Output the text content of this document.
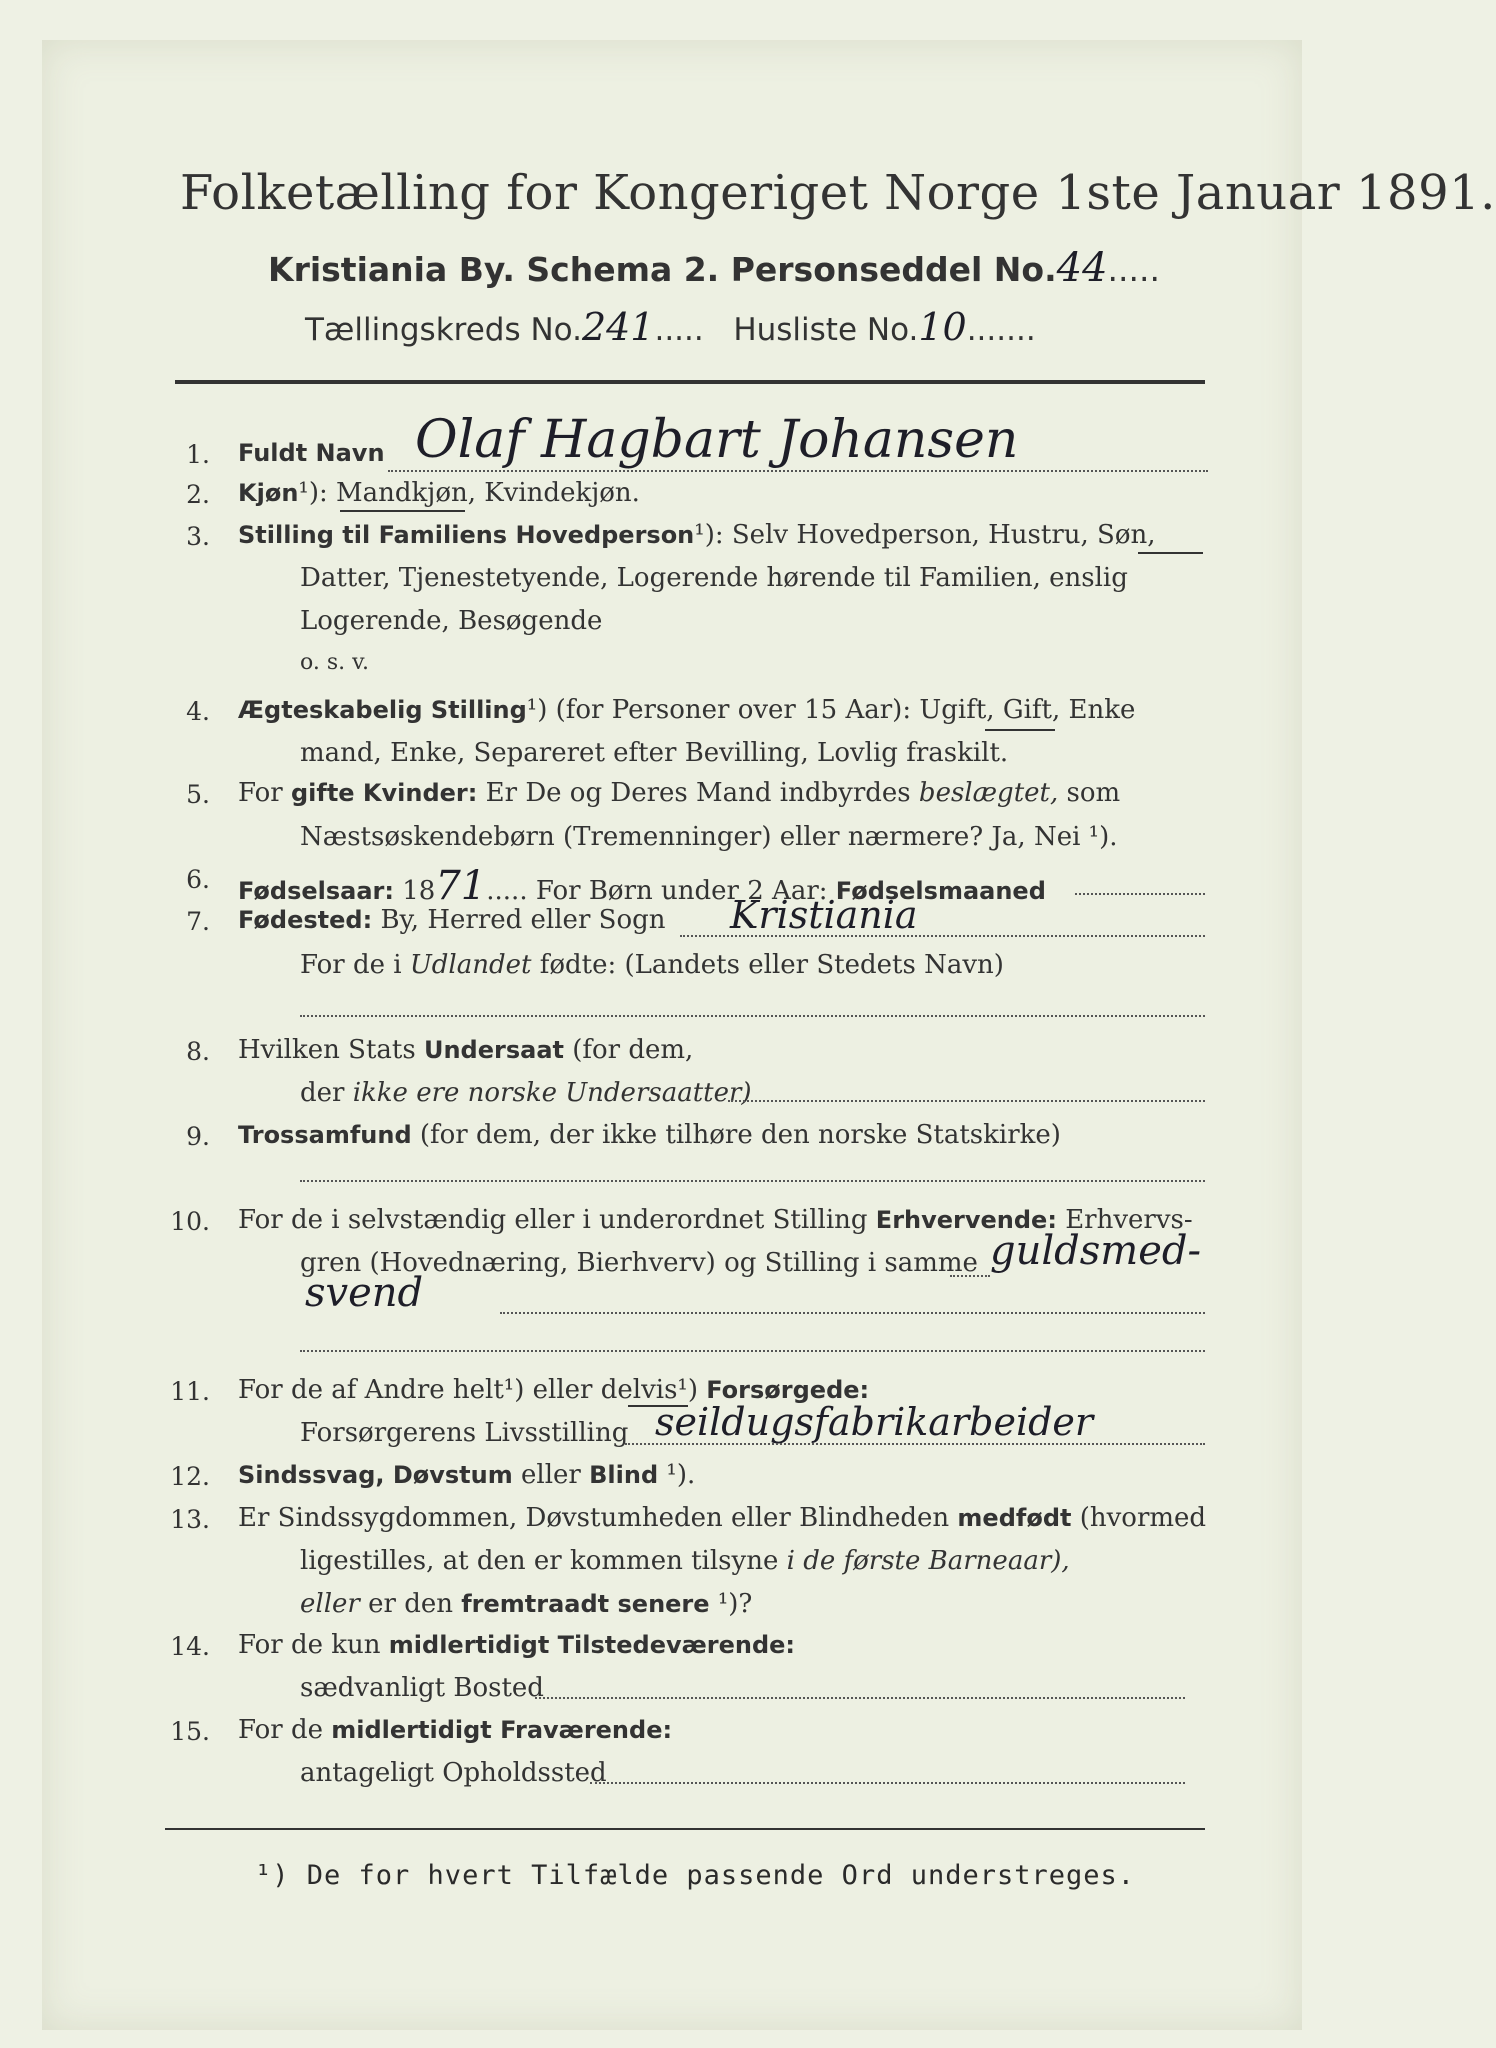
Folketælling for Kongeriget Norge 1ste Januar 1891.
Kristiania By. Schema 2. Personseddel No.44.....
Tællingskreds No.241.....   Husliste No.10.......
1. Fuldt Navn Olaf Hagbart Johansen
2. Kjøn¹): Mandkjøn, Kvindekjøn.
3. Stilling til Familiens Hovedperson¹): Selv Hovedperson, Hustru, Søn,
Datter, Tjenestetyende, Logerende hørende til Familien, enslig
Logerende, Besøgende
o. s. v.
4. Ægteskabelig Stilling¹) (for Personer over 15 Aar): Ugift, Gift, Enke
mand, Enke, Separeret efter Bevilling, Lovlig fraskilt.
5. For gifte Kvinder: Er De og Deres Mand indbyrdes beslægtet, som
Næstsøskendebørn (Tremenninger) eller nærmere? Ja, Nei ¹).
6. Fødselsaar: 1871..... For Børn under 2 Aar: Fødselsmaaned
7. Fødested: By, Herred eller Sogn Kristiania
For de i Udlandet fødte: (Landets eller Stedets Navn)
8. Hvilken Stats Undersaat (for dem,
der ikke ere norske Undersaatter)
9. Trossamfund (for dem, der ikke tilhøre den norske Statskirke)
10. For de i selvstændig eller i underordnet Stilling Erhvervende: Erhvervs-
gren (Hovednæring, Bierhverv) og Stilling i samme guldsmed-
svend
11. For de af Andre helt¹) eller delvis¹) Forsørgede:
Forsørgerens Livsstilling seildugsfabrikarbeider
12. Sindssvag, Døvstum eller Blind ¹).
13. Er Sindssygdommen, Døvstumheden eller Blindheden medfødt (hvormed
ligestilles, at den er kommen tilsyne i de første Barneaar),
eller er den fremtraadt senere ¹)?
14. For de kun midlertidigt Tilstedeværende:
sædvanligt Bosted
15. For de midlertidigt Fraværende:
antageligt Opholdssted
¹) De for hvert Tilfælde passende Ord understreges.
